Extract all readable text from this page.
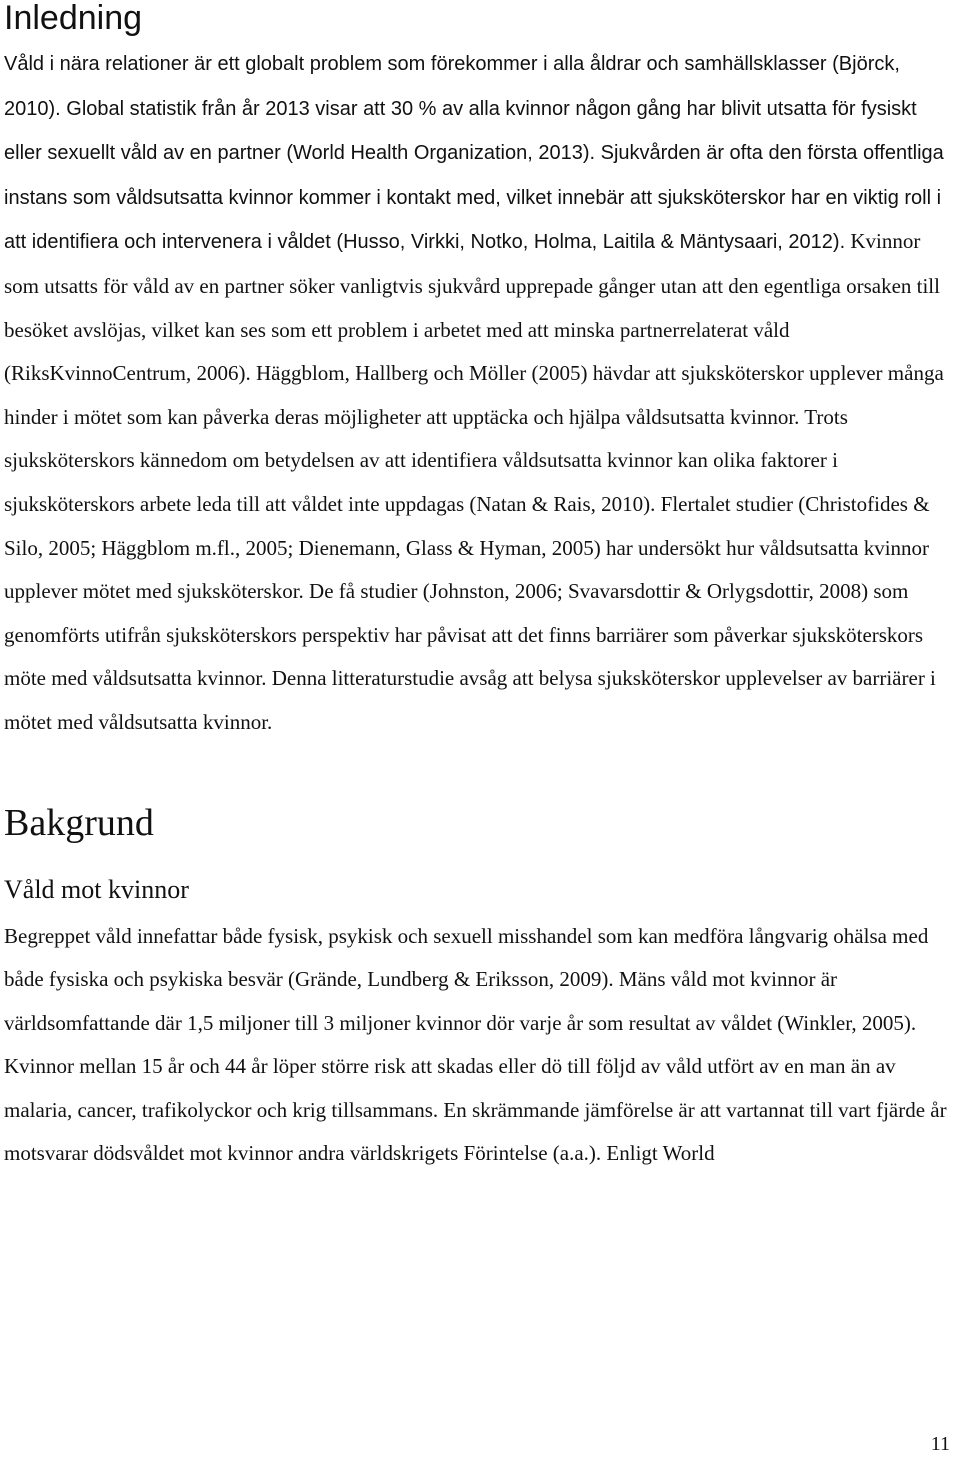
Inledning

Våld i nära relationer är ett globalt problem som förekommer i alla åldrar och samhällsklasser (Björck, 2010). Global statistik från år 2013 visar att 30 % av alla kvinnor någon gång har blivit utsatta för fysiskt eller sexuellt våld av en partner (World Health Organization, 2013). Sjukvården är ofta den första offentliga instans som våldsutsatta kvinnor kommer i kontakt med, vilket innebär att sjuksköterskor har en viktig roll i att identifiera och intervenera i våldet (Husso, Virkki, Notko, Holma, Laitila & Mäntysaari, 2012). Kvinnor som utsatts för våld av en partner söker vanligtvis sjukvård upprepade gånger utan att den egentliga orsaken till besöket avslöjas, vilket kan ses som ett problem i arbetet med att minska partnerrelaterat våld (RiksKvinnoCentrum, 2006). Häggblom, Hallberg och Möller (2005) hävdar att sjuksköterskor upplever många hinder i mötet som kan påverka deras möjligheter att upptäcka och hjälpa våldsutsatta kvinnor. Trots sjuksköterskors kännedom om betydelsen av att identifiera våldsutsatta kvinnor kan olika faktorer i sjuksköterskors arbete leda till att våldet inte uppdagas (Natan & Rais, 2010). Flertalet studier (Christofides & Silo, 2005; Häggblom m.fl., 2005; Dienemann, Glass & Hyman, 2005) har undersökt hur våldsutsatta kvinnor upplever mötet med sjuksköterskor. De få studier (Johnston, 2006; Svavarsdottir & Orlygsdottir, 2008) som genomförts utifrån sjuksköterskors perspektiv har påvisat att det finns barriärer som påverkar sjuksköterskors möte med våldsutsatta kvinnor. Denna litteraturstudie avsåg att belysa sjuksköterskor upplevelser av barriärer i mötet med våldsutsatta kvinnor.

Bakgrund
Våld mot kvinnor

Begreppet våld innefattar både fysisk, psykisk och sexuell misshandel som kan medföra långvarig ohälsa med både fysiska och psykiska besvär (Grände, Lundberg & Eriksson, 2009). Mäns våld mot kvinnor är världsomfattande där 1,5 miljoner till 3 miljoner kvinnor dör varje år som resultat av våldet (Winkler, 2005). Kvinnor mellan 15 år och 44 år löper större risk att skadas eller dö till följd av våld utfört av en man än av malaria, cancer, trafikolyckor och krig tillsammans. En skrämmande jämförelse är att vartannat till vart fjärde år motsvarar dödsvåldet mot kvinnor andra världskrigets Förintelse (a.a.). Enligt World

11
